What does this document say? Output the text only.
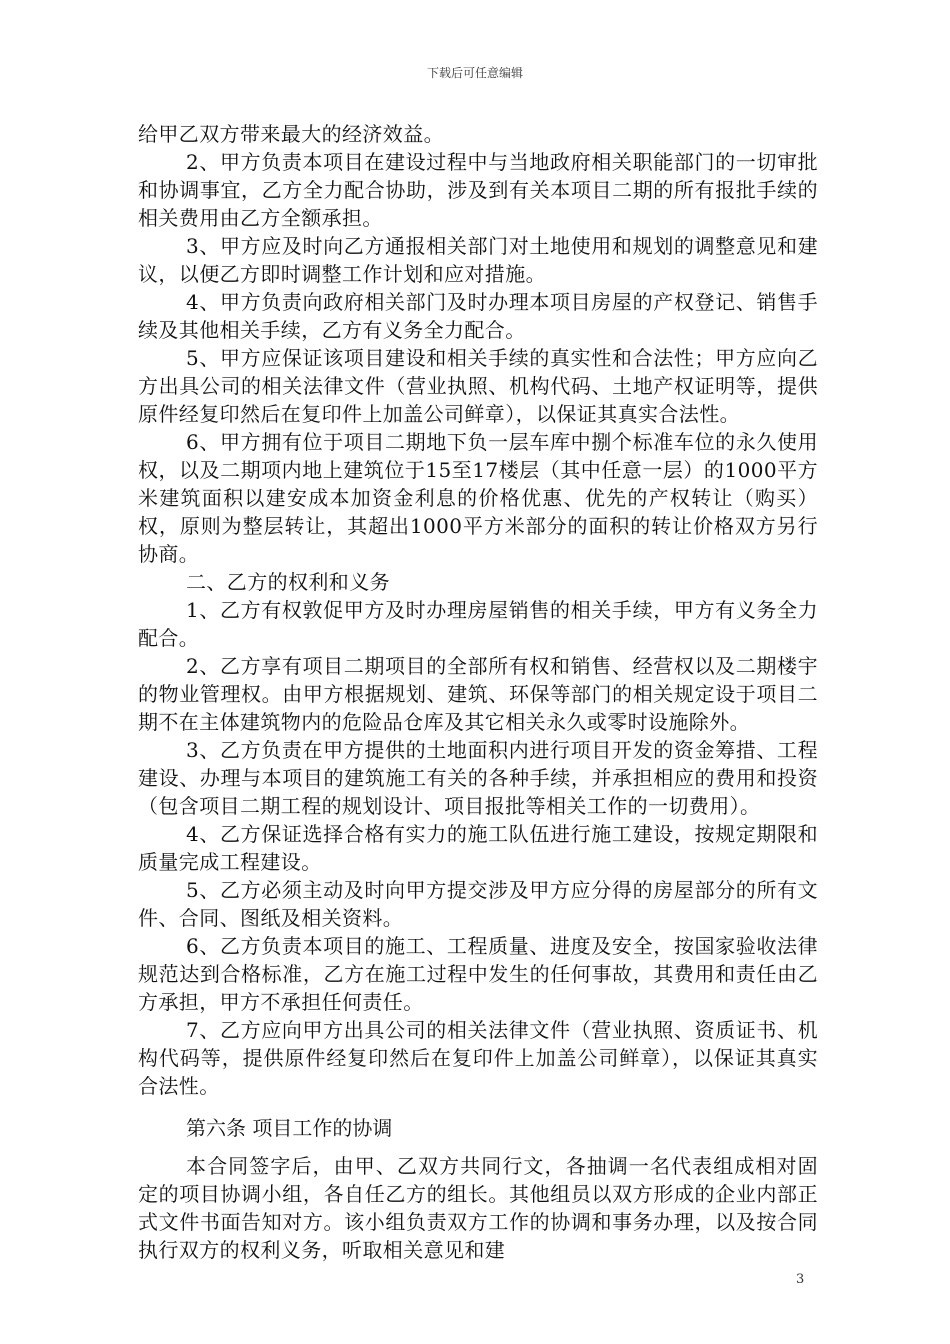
下载后可任意编辑

给甲乙双方带来最大的经济效益。

2、甲方负责本项目在建设过程中与当地政府相关职能部门的一切审批和协调事宜，乙方全力配合协助，涉及到有关本项目二期的所有报批手续的相关费用由乙方全额承担。

3、甲方应及时向乙方通报相关部门对土地使用和规划的调整意见和建议，以便乙方即时调整工作计划和应对措施。

4、甲方负责向政府相关部门及时办理本项目房屋的产权登记、销售手续及其他相关手续，乙方有义务全力配合。

5、甲方应保证该项目建设和相关手续的真实性和合法性；甲方应向乙方出具公司的相关法律文件（营业执照、机构代码、土地产权证明等，提供原件经复印然后在复印件上加盖公司鲜章），以保证其真实合法性。

6、甲方拥有位于项目二期地下负一层车库中捌个标准车位的永久使用权，以及二期项内地上建筑位于15至17楼层（其中任意一层）的1000平方米建筑面积以建安成本加资金利息的价格优惠、优先的产权转让（购买）权，原则为整层转让，其超出1000平方米部分的面积的转让价格双方另行协商。

二、乙方的权利和义务

1、乙方有权敦促甲方及时办理房屋销售的相关手续，甲方有义务全力配合。

2、乙方享有项目二期项目的全部所有权和销售、经营权以及二期楼宇的物业管理权。由甲方根据规划、建筑、环保等部门的相关规定设于项目二期不在主体建筑物内的危险品仓库及其它相关永久或零时设施除外。

3、乙方负责在甲方提供的土地面积内进行项目开发的资金筹措、工程建设、办理与本项目的建筑施工有关的各种手续，并承担相应的费用和投资（包含项目二期工程的规划设计、项目报批等相关工作的一切费用）。

4、乙方保证选择合格有实力的施工队伍进行施工建设，按规定期限和质量完成工程建设。

5、乙方必须主动及时向甲方提交涉及甲方应分得的房屋部分的所有文件、合同、图纸及相关资料。

6、乙方负责本项目的施工、工程质量、进度及安全，按国家验收法律规范达到合格标准，乙方在施工过程中发生的任何事故，其费用和责任由乙方承担，甲方不承担任何责任。

7、乙方应向甲方出具公司的相关法律文件（营业执照、资质证书、机构代码等，提供原件经复印然后在复印件上加盖公司鲜章），以保证其真实合法性。

第六条 项目工作的协调

本合同签字后，由甲、乙双方共同行文，各抽调一名代表组成相对固定的项目协调小组，各自任乙方的组长。其他组员以双方形成的企业内部正式文件书面告知对方。该小组负责双方工作的协调和事务办理，以及按合同执行双方的权利义务，听取相关意见和建

3
